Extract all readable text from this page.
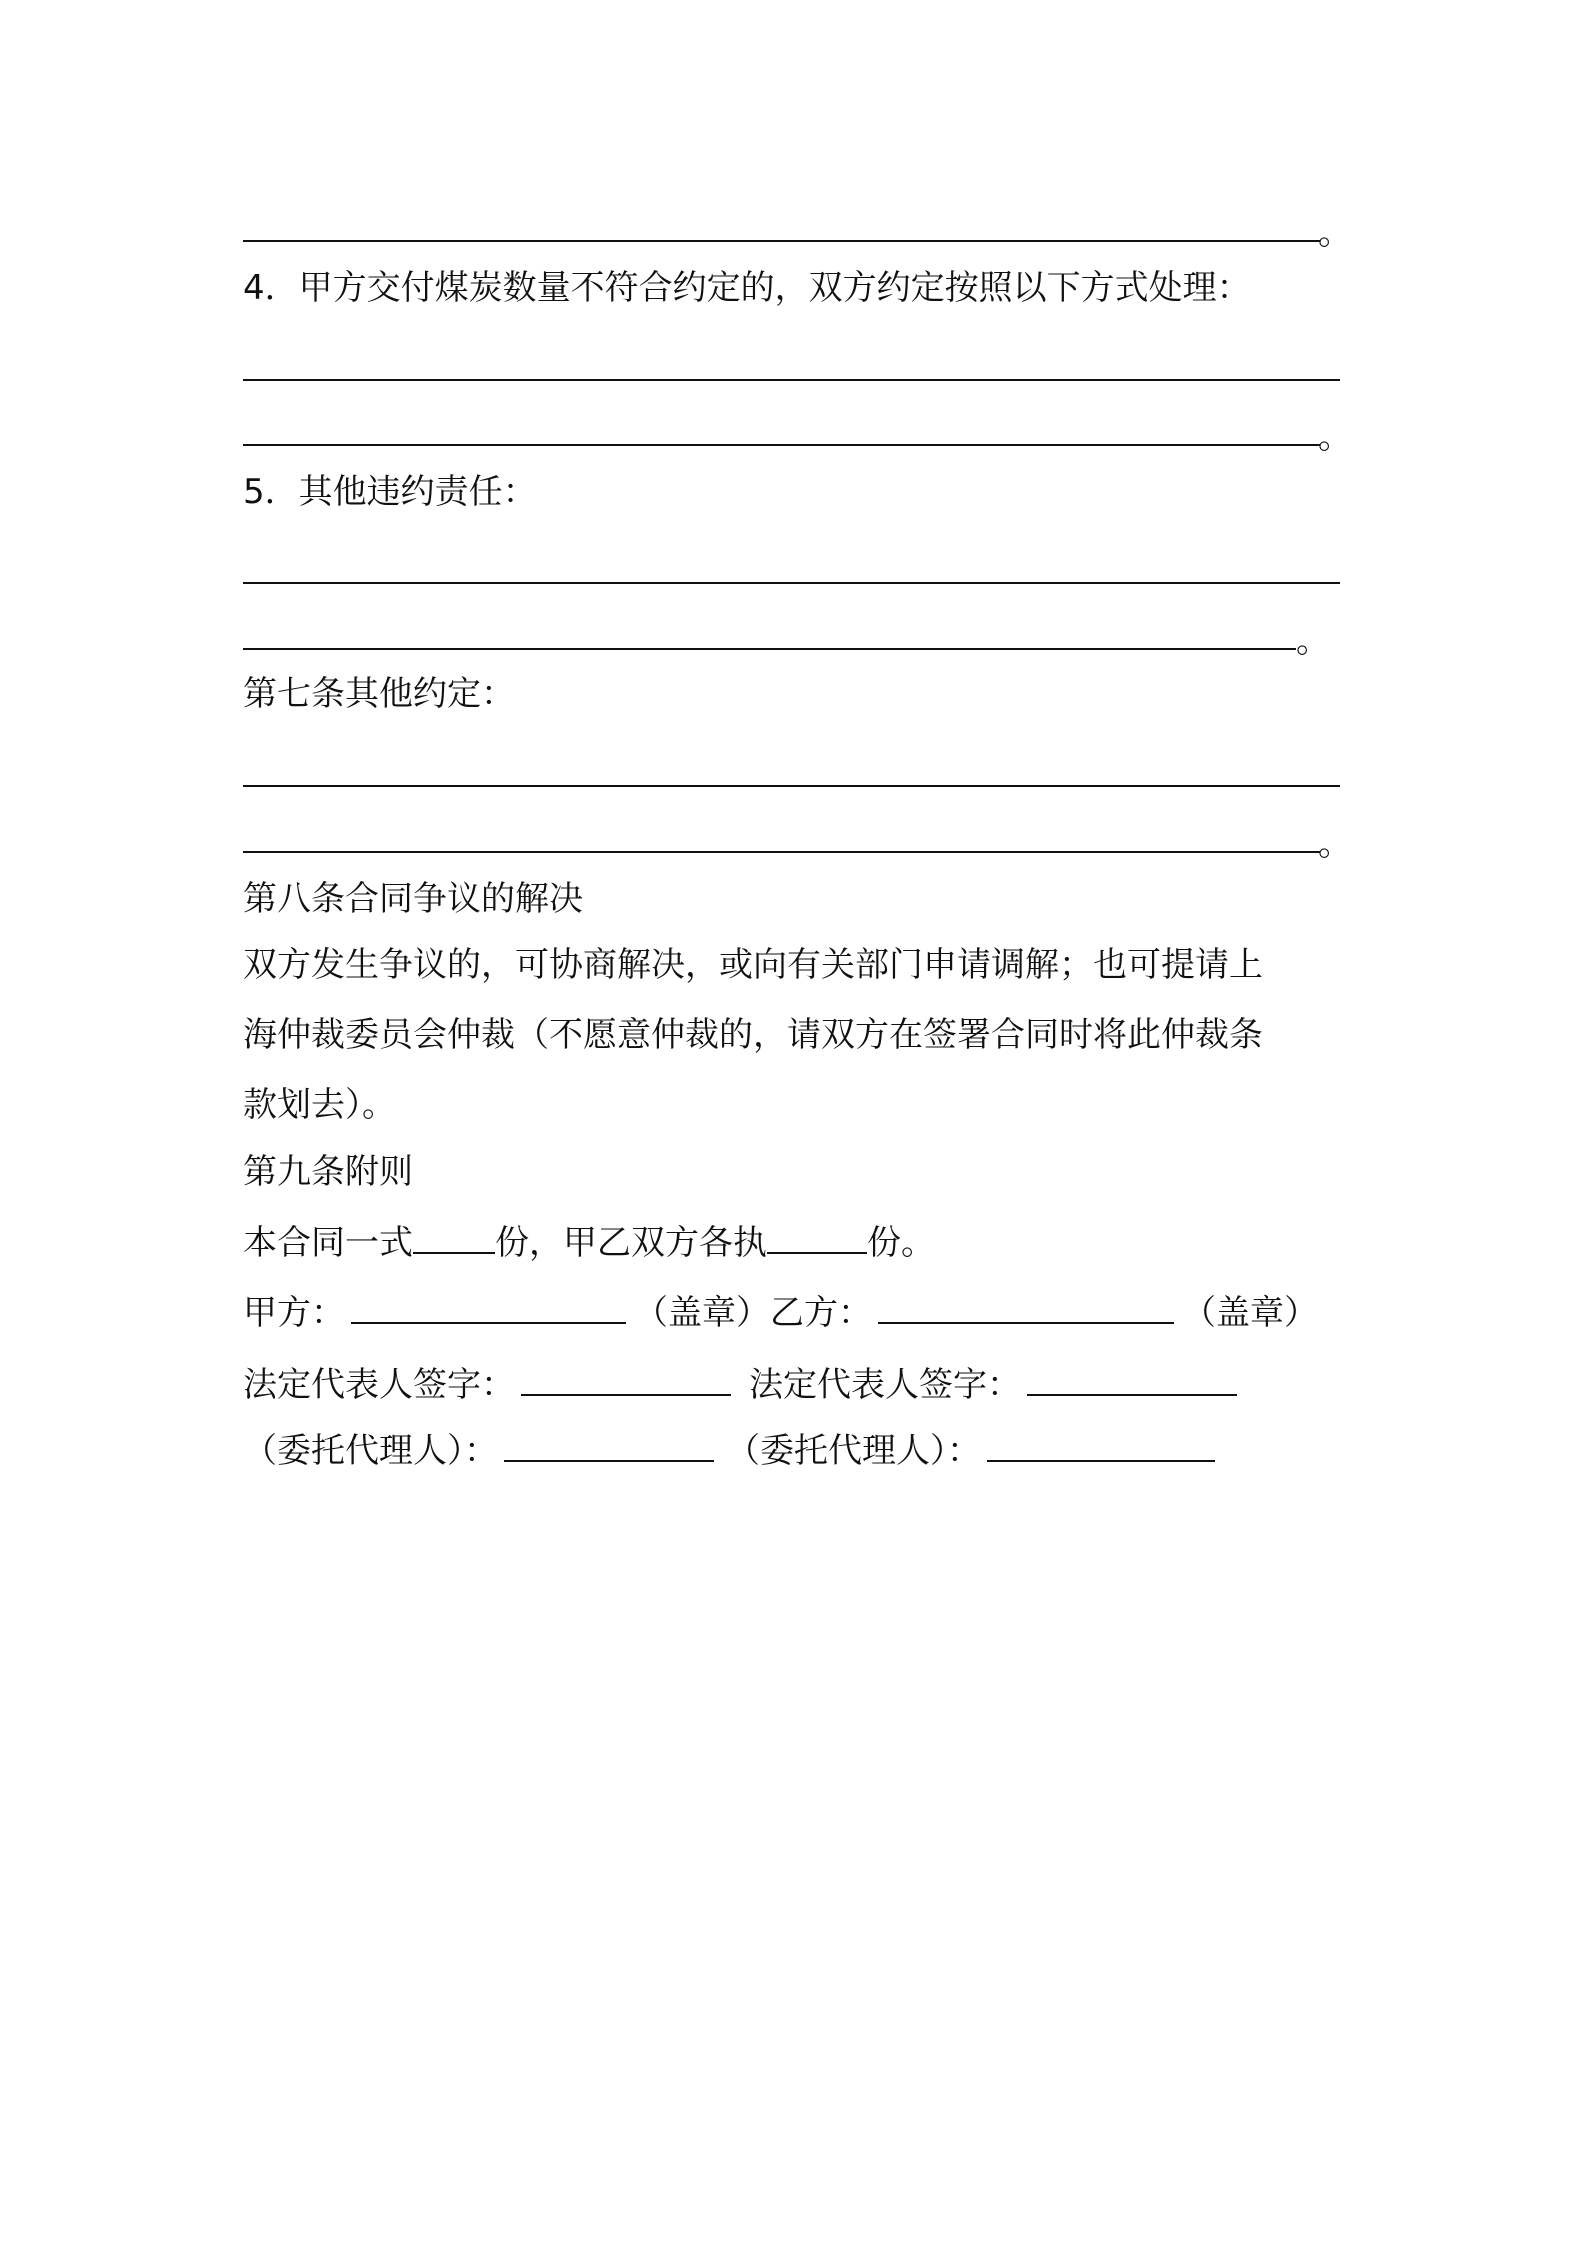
。
4．甲方交付煤炭数量不符合约定的，双方约定按照以下方式处理：
。
5．其他违约责任：
。
第七条其他约定：
。
第八条合同争议的解决
双方发生争议的，可协商解决，或向有关部门申请调解；也可提请上
海仲裁委员会仲裁（不愿意仲裁的，请双方在签署合同时将此仲裁条
款划去）。
第九条附则
本合同一式 份，甲乙双方各执	份。
甲方：	（盖章）乙方：	（盖章）
法定代表人签字：	法定代表人签字：
（委托代理人）：	（委托代理人）：
